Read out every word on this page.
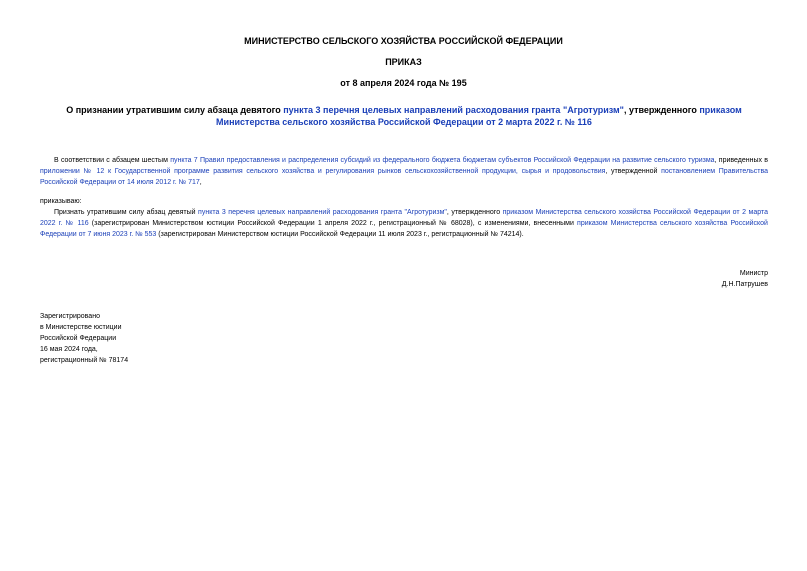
МИНИСТЕРСТВО СЕЛЬСКОГО ХОЗЯЙСТВА РОССИЙСКОЙ ФЕДЕРАЦИИ
ПРИКАЗ
от 8 апреля 2024 года № 195
О признании утратившим силу абзаца девятого пункта 3 перечня целевых направлений расходования гранта "Агротуризм", утвержденного приказом Министерства сельского хозяйства Российской Федерации от 2 марта 2022 г. № 116
В соответствии с абзацем шестым пункта 7 Правил предоставления и распределения субсидий из федерального бюджета бюджетам субъектов Российской Федерации на развитие сельского туризма, приведенных в приложении № 12 к Государственной программе развития сельского хозяйства и регулирования рынков сельскохозяйственной продукции, сырья и продовольствия, утвержденной постановлением Правительства Российской Федерации от 14 июля 2012 г. № 717,
приказываю:
Признать утратившим силу абзац девятый пункта 3 перечня целевых направлений расходования гранта "Агротуризм", утвержденного приказом Министерства сельского хозяйства Российской Федерации от 2 марта 2022 г. № 116 (зарегистрирован Министерством юстиции Российской Федерации 1 апреля 2022 г., регистрационный № 68028), с изменениями, внесенными приказом Министерства сельского хозяйства Российской Федерации от 7 июня 2023 г. № 553 (зарегистрирован Министерством юстиции Российской Федерации 11 июля 2023 г., регистрационный № 74214).
Министр
Д.Н.Патрушев
Зарегистрировано
в Министерстве юстиции
Российской Федерации
16 мая 2024 года,
регистрационный № 78174
